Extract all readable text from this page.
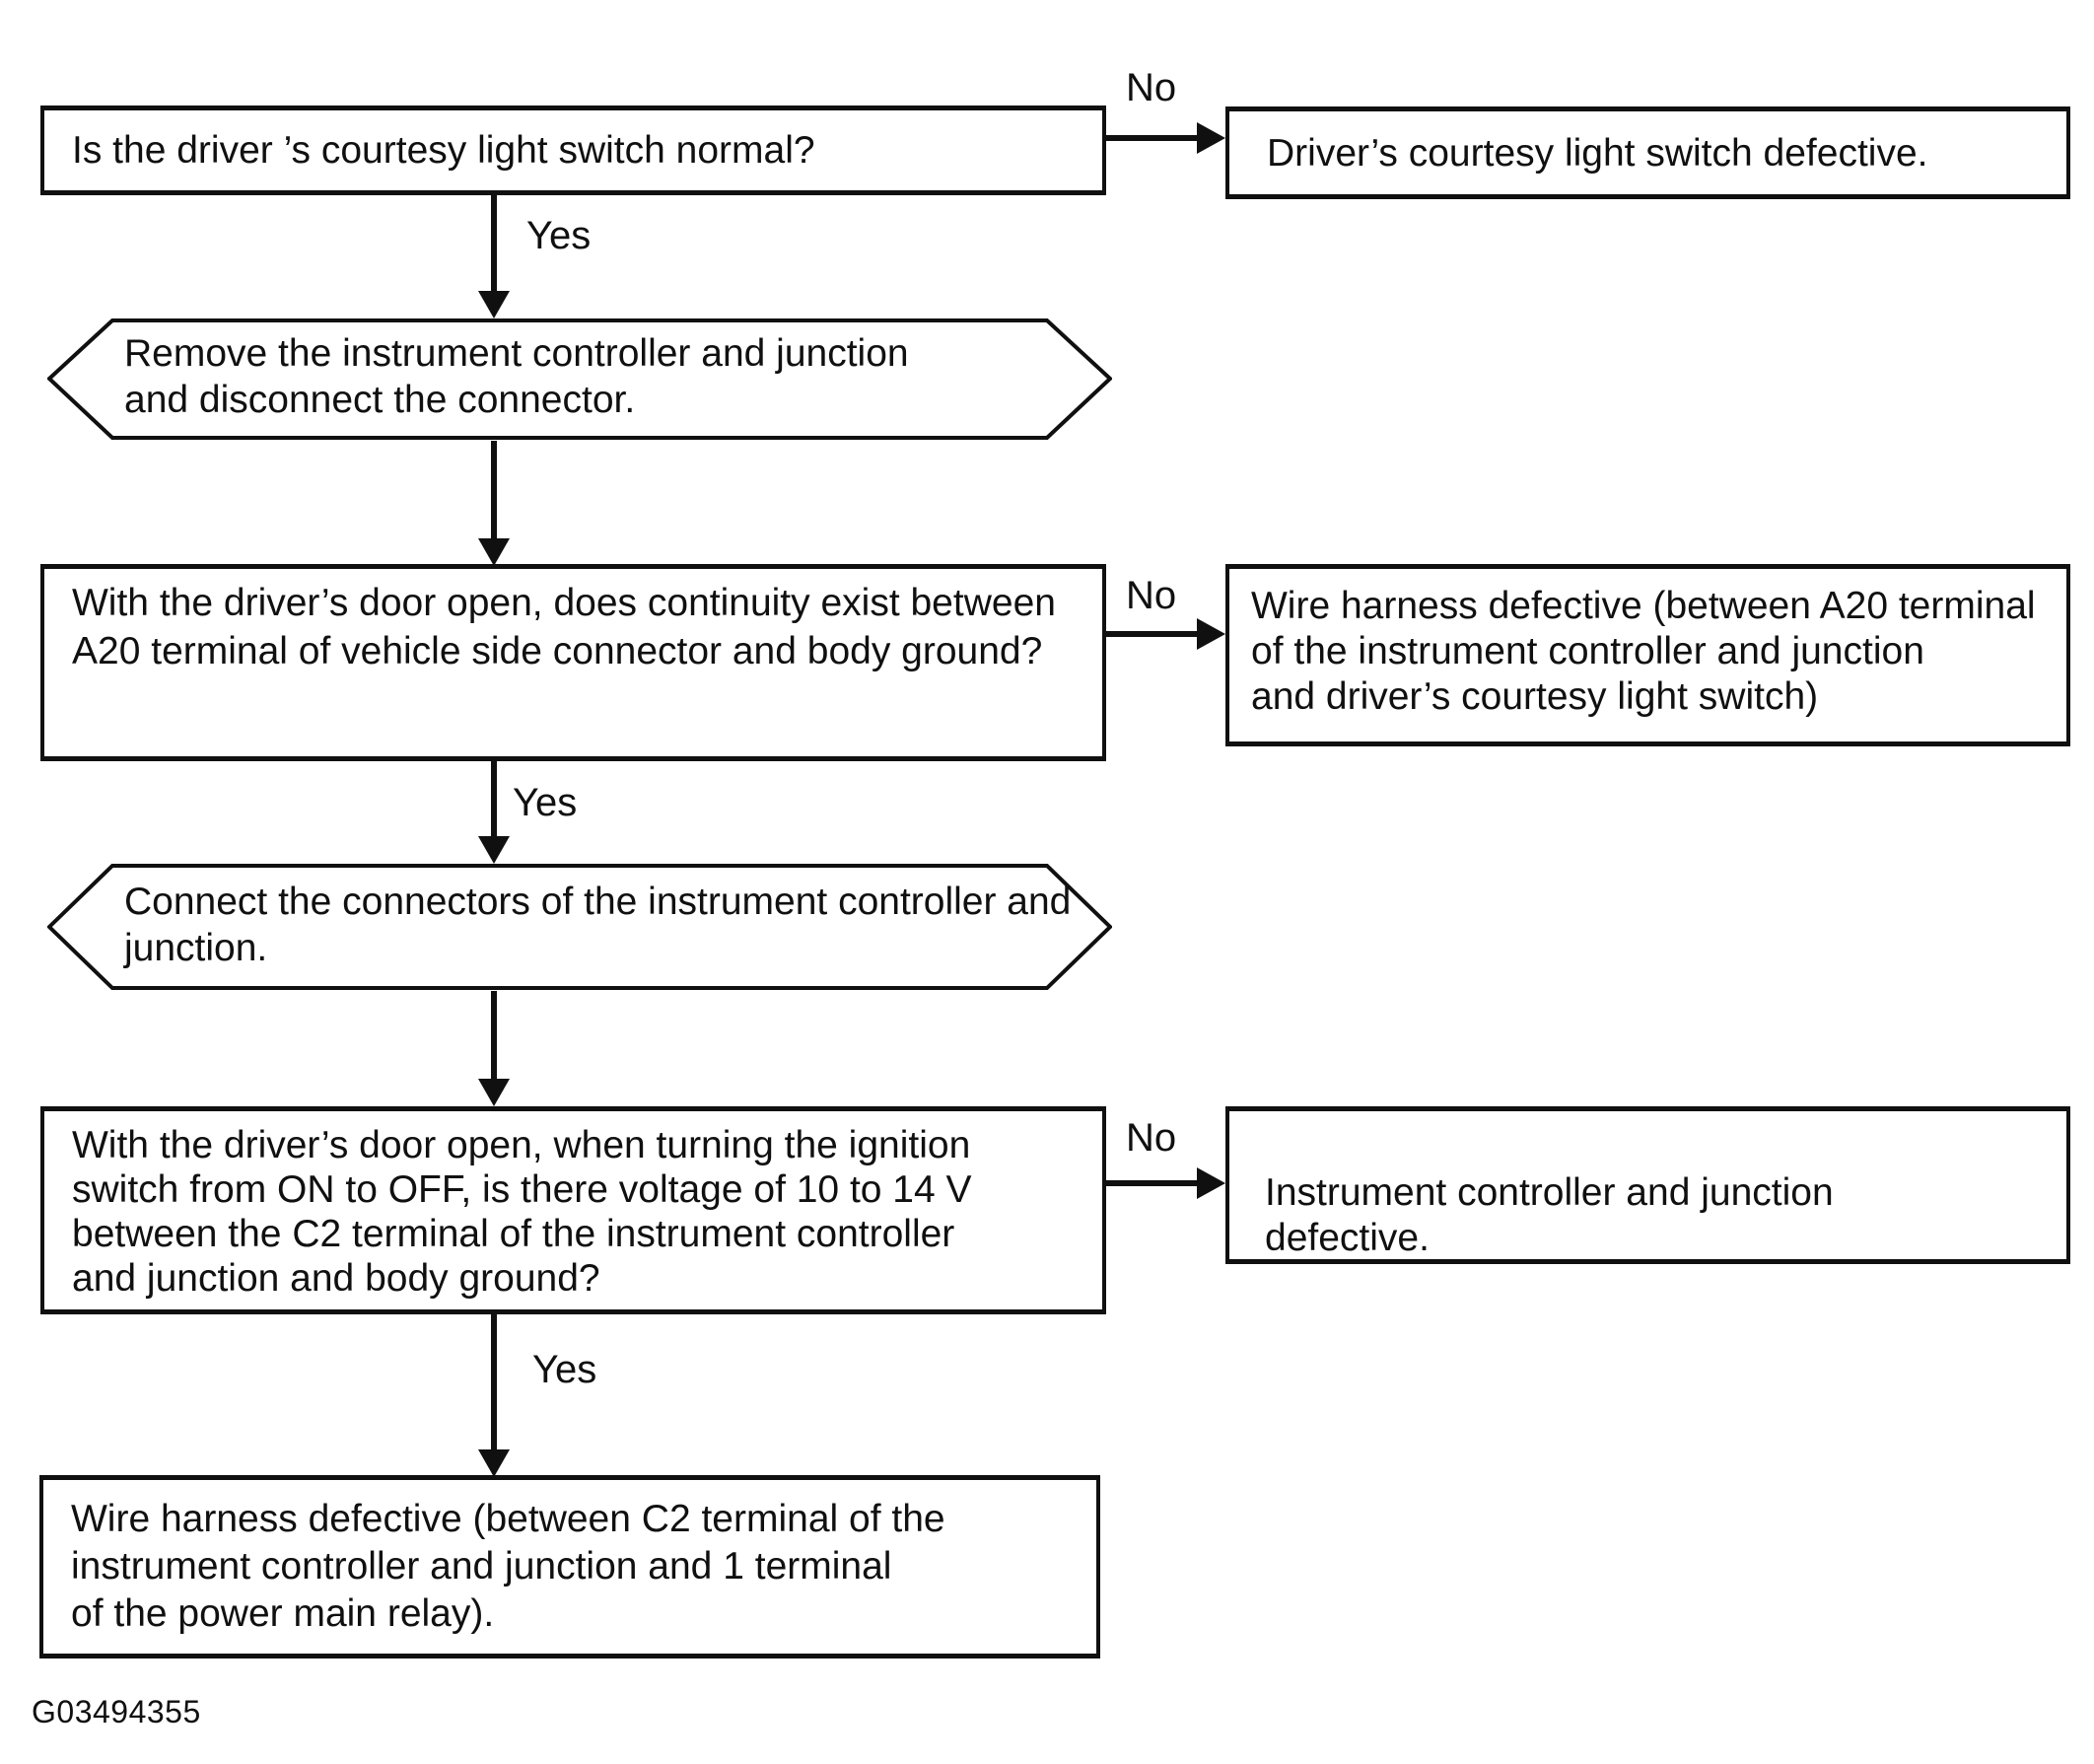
Is the driver ’s courtesy light switch normal?
No
Driver’s courtesy light switch defective.
Yes
Remove the instrument controller and junction
and disconnect the connector.
With the driver’s door open, does continuity exist between
A20 terminal of vehicle side connector and body ground?
No Wire harness defective (between A20 terminal
of the instrument controller and junction
and driver’s courtesy light switch)
Yes
Connect the connectors of the instrument controller and
junction.
With the driver’s door open, when turning the ignition
switch from ON to OFF, is there voltage of 10 to 14 V
between the C2 terminal of the instrument controller
and junction and body ground?
No
Instrument controller and junction
defective.
Yes
Wire harness defective (between C2 terminal of the
instrument controller and junction and 1 terminal
of the power main relay).
G03494355
